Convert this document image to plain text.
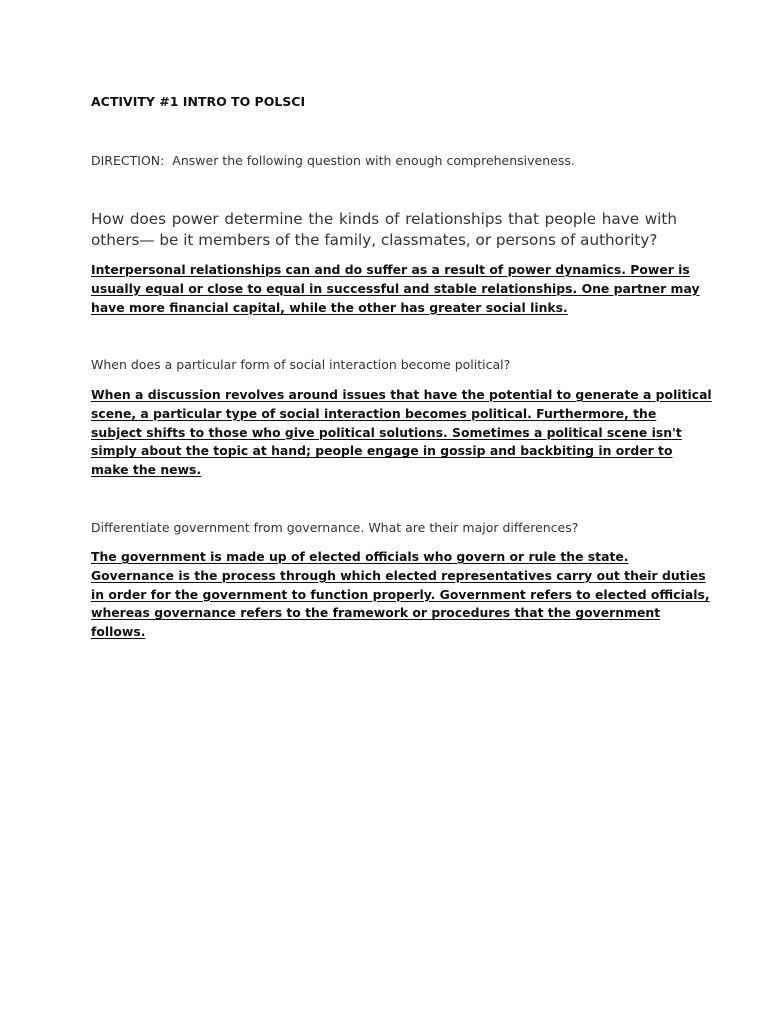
ACTIVITY #1 INTRO TO POLSCI
DIRECTION:  Answer the following question with enough comprehensiveness.
How does power determine the kinds of relationships that people have with others— be it members of the family, classmates, or persons of authority?
Interpersonal relationships can and do suffer as a result of power dynamics. Power is
usually equal or close to equal in successful and stable relationships. One partner may
have more financial capital, while the other has greater social links.
When does a particular form of social interaction become political?
When a discussion revolves around issues that have the potential to generate a political
scene, a particular type of social interaction becomes political. Furthermore, the
subject shifts to those who give political solutions. Sometimes a political scene isn't
simply about the topic at hand; people engage in gossip and backbiting in order to
make the news.
Differentiate government from governance. What are their major differences?
The government is made up of elected officials who govern or rule the state.
Governance is the process through which elected representatives carry out their duties
in order for the government to function properly. Government refers to elected officials,
whereas governance refers to the framework or procedures that the government
follows.
